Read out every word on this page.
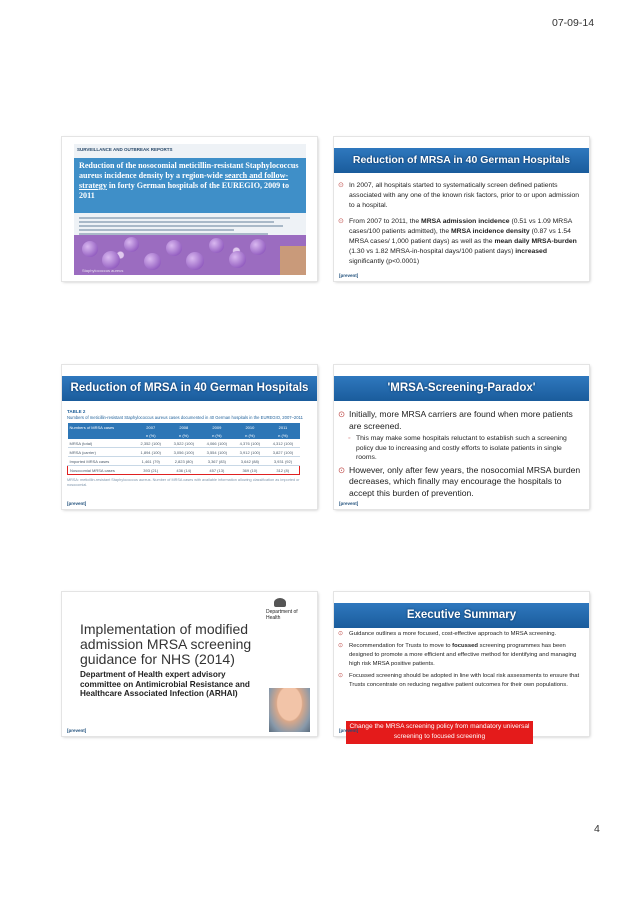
07-09-14
SURVEILLANCE AND OUTBREAK REPORTS

Reduction of the nosocomial meticillin-resistant Staphylococcus aureus incidence density by a region-wide search and follow-strategy in forty German hospitals of the EUREGIO, 2009 to 2011

Staphylococcus aureus
Reduction of MRSA in 40 German Hospitals
⊙ In 2007, all hospitals started to systematically screen defined patients associated with any one of the known risk factors, prior to or upon admission to a hospital.
⊙ From 2007 to 2011, the MRSA admission incidence (0.51 vs 1.09 MRSA cases/100 patients admitted), the MRSA incidence density (0.87 vs 1.54 MRSA cases/ 1,000 patient days) as well as the mean daily MRSA-burden (1.30 vs 1.82 MRSA-in-hospital days/100 patient days) increased significantly (p<0.0001)
[prevent]
Reduction of MRSA in 40 German Hospitals
TABLE 2
Numbers of meticillin-resistant Staphylococcus aureus cases documented in 40 German hospitals in the EUREGIO, 2007–2011
Numbers of MRSA cases	2007	2008	2009	2010	2011
	n (%)	n (%)	n (%)	n (%)	n (%)
MRSA (total)	2,352 (100)	3,522 (100)	4,066 (100)	4,376 (100)	4,312 (100)
MRSA (carrier)	1,894 (100)	3,056 (100)	3,554 (100)	3,912 (100)	3,827 (100)
Imported MRSA cases	1,461 (79)	2,823 (80)	3,367 (83)	3,642 (88)	3,931 (92)
Nosocomial MRSA cases	393 (21)	436 (14)	457 (13)	369 (10)	312 (8)
MRSA: meticillin-resistant Staphylococcus aureus. Number of MRSA cases with available information allowing classification as imported or nosocomial.
[prevent]
'MRSA-Screening-Paradox'
⊙ Initially, more MRSA carriers are found when more patients are screened.
◦ This may make some hospitals reluctant to establish such a screening policy due to increasing and costly efforts to isolate patients in single rooms.
⊙ However, only after few years, the nosocomial MRSA burden decreases, which finally may encourage the hospitals to accept this burden of prevention.
[prevent]
Department of Health

Implementation of modified admission MRSA screening guidance for NHS (2014)

Department of Health expert advisory committee on Antimicrobial Resistance and Healthcare Associated Infection (ARHAI)

[prevent]
Executive Summary
⊙ Guidance outlines a more focused, cost-effective approach to MRSA screening.
⊙ Recommendation for Trusts to move to focussed screening programmes has been designed to promote a more efficient and effective method for identifying and managing high risk MRSA positive patients.
⊙ Focussed screening should be adopted in line with local risk assessments to ensure that Trusts concentrate on reducing negative patient outcomes for their own populations.
Change the MRSA screening policy from mandatory universal screening to focused screening
[prevent]
4
